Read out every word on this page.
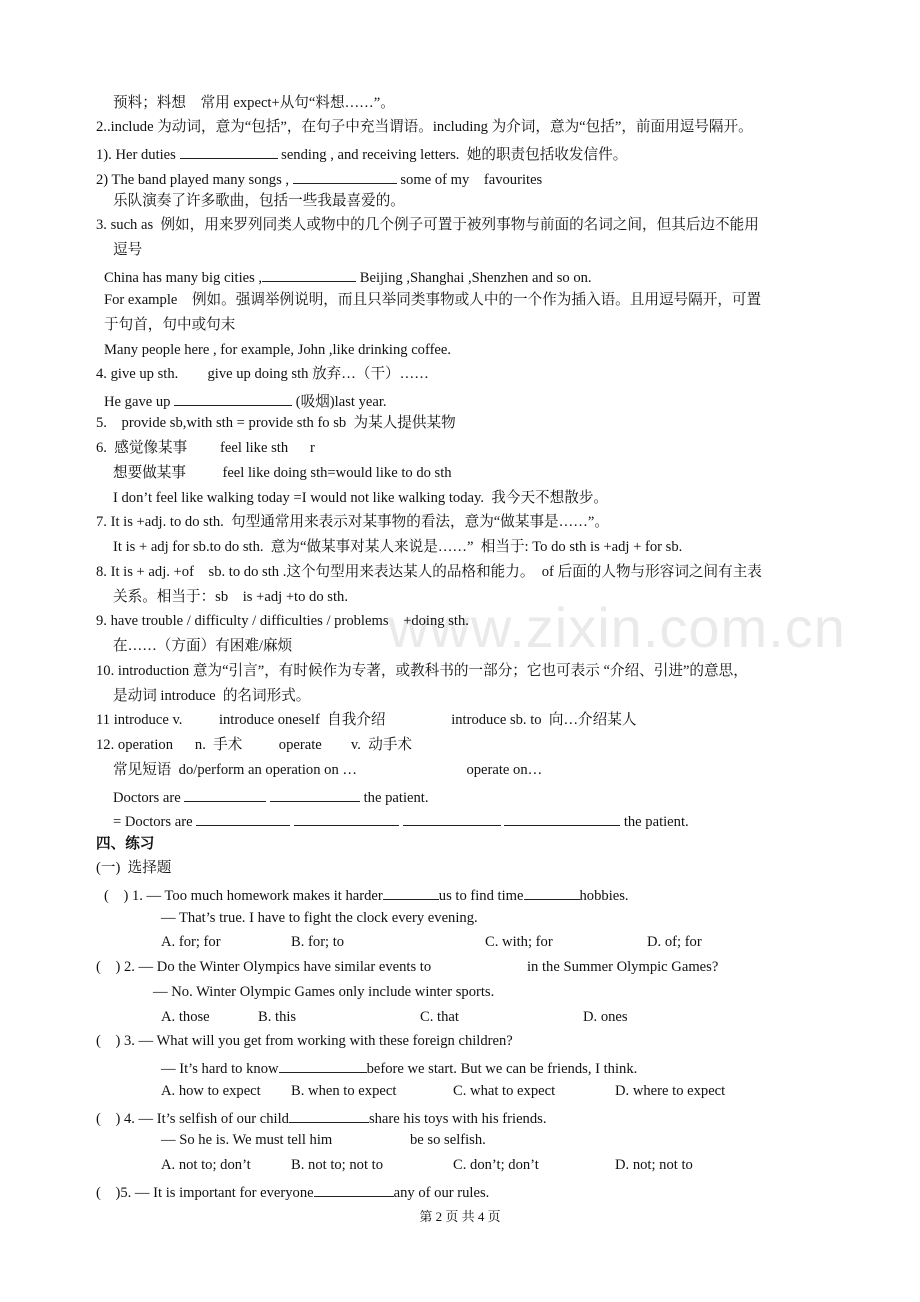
www.zixin.com.cn
预料；料想    常用 expect+从句“料想……”。
2..include 为动词，意为“包括”，在句子中充当谓语。including 为介词，意为“包括”，前面用逗号隔开。
1). Her duties	sending , and receiving letters.  她的职责包括收发信件。
2) The band played many songs ,	some of my    favourites
乐队演奏了许多歌曲，包括一些我最喜爱的。
3. such as  例如，用来罗列同类人或物中的几个例子可置于被列事物与前面的名词之间，但其后边不能用
逗号
China has many big cities ,	Beijing ,Shanghai ,Shenzhen and so on.
For example    例如。强调举例说明，而且只举同类事物或人中的一个作为插入语。且用逗号隔开，可置
于句首，句中或句末
Many people here , for example, John ,like drinking coffee.
4. give up sth.        give up doing sth 放弃…（干）……
He gave up	(吸烟)last year.
5.    provide sb,with sth = provide sth fo sb  为某人提供某物
6.  感觉像某事         feel like sth      r
想要做某事          feel like doing sth=would like to do sth
I don’t feel like walking today =I would not like walking today.  我今天不想散步。
7. It is +adj. to do sth.  句型通常用来表示对某事物的看法，意为“做某事是……”。
It is + adj for sb.to do sth.  意为“做某事对某人来说是……”  相当于: To do sth is +adj + for sb.
8. It is + adj. +of    sb. to do sth .这个句型用来表达某人的品格和能力。  of 后面的人物与形容词之间有主表
关系。相当于：sb    is +adj +to do sth.
9. have trouble / difficulty / difficulties / problems    +doing sth.
在……（方面）有困难/麻烦
10. introduction 意为“引言”，有时候作为专著，或教科书的一部分；它也可表示 “介绍、引进”的意思，
是动词 introduce  的名词形式。
11 introduce v.          introduce oneself  自我介绍                  introduce sb. to  向…介绍某人
12. operation      n.  手术          operate        v.  动手术
常见短语  do/perform an operation on …                              operate on…
Doctors are	the patient.
= Doctors are	the patient.
四、练习
(一)  选择题
(    ) 1. — Too much homework makes it harder	us to find time	hobbies.
— That’s true. I have to fight the clock every evening.
A. for; for	B. for; to	C. with; for	D. of; for
(    ) 2. — Do the Winter Olympics have similar events to	in the Summer Olympic Games?
— No. Winter Olympic Games only include winter sports.
A. those	B. this	C. that	D. ones
(    ) 3. — What will you get from working with these foreign children?
— It’s hard to know	before we start. But we can be friends, I think.
A. how to expect B. when to expect	C. what to expect	D. where to expect
(    ) 4. — It’s selfish of our child	share his toys with his friends.
— So he is. We must tell him	be so selfish.
A. not to; don’t	B. not to; not to	C. don’t; don’t	D. not; not to
(    )5. — It is important for everyone	any of our rules.
第 2 页 共 4 页
